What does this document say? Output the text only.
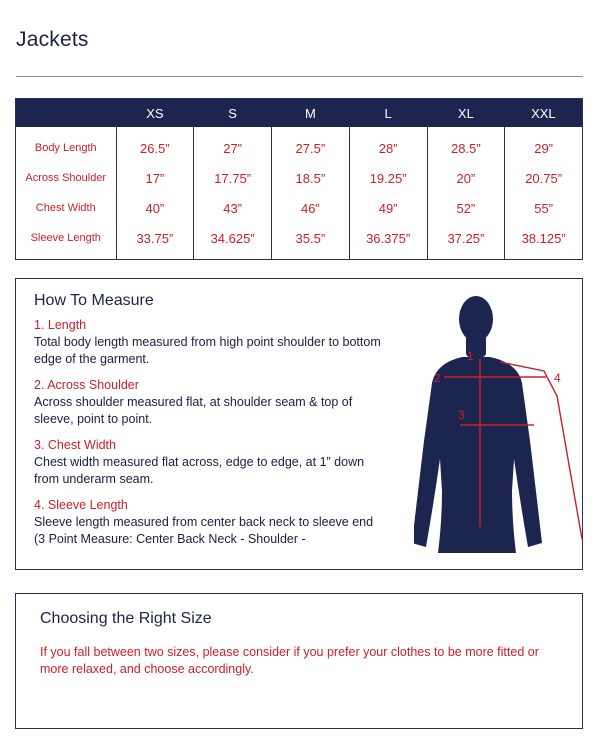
Jackets
	XS	S	M	L	XL	XXL
Body Length	26.5”	27”	27.5”	28”	28.5”	29”
Across Shoulder	17”	17.75”	18.5”	19.25”	20”	20.75”
Chest Width	40”	43”	46”	49”	52”	55”
Sleeve Length	33.75”	34.625”	35.5”	36.375”	37.25”	38.125”
How To Measure
1. Length
Total body length measured from high point shoulder to bottom edge of the garment.
2. Across Shoulder
Across shoulder measured flat, at shoulder seam & top of sleeve, point to point.
3. Chest Width
Chest width measured flat across, edge to edge, at 1” down from underarm seam.
4. Sleeve Length
Sleeve length measured from center back neck to sleeve end (3 Point Measure: Center Back Neck - Shoulder -
1
2
3
4
Choosing the Right Size
If you fall between two sizes, please consider if you prefer your clothes to be more fitted or more relaxed, and choose accordingly.
